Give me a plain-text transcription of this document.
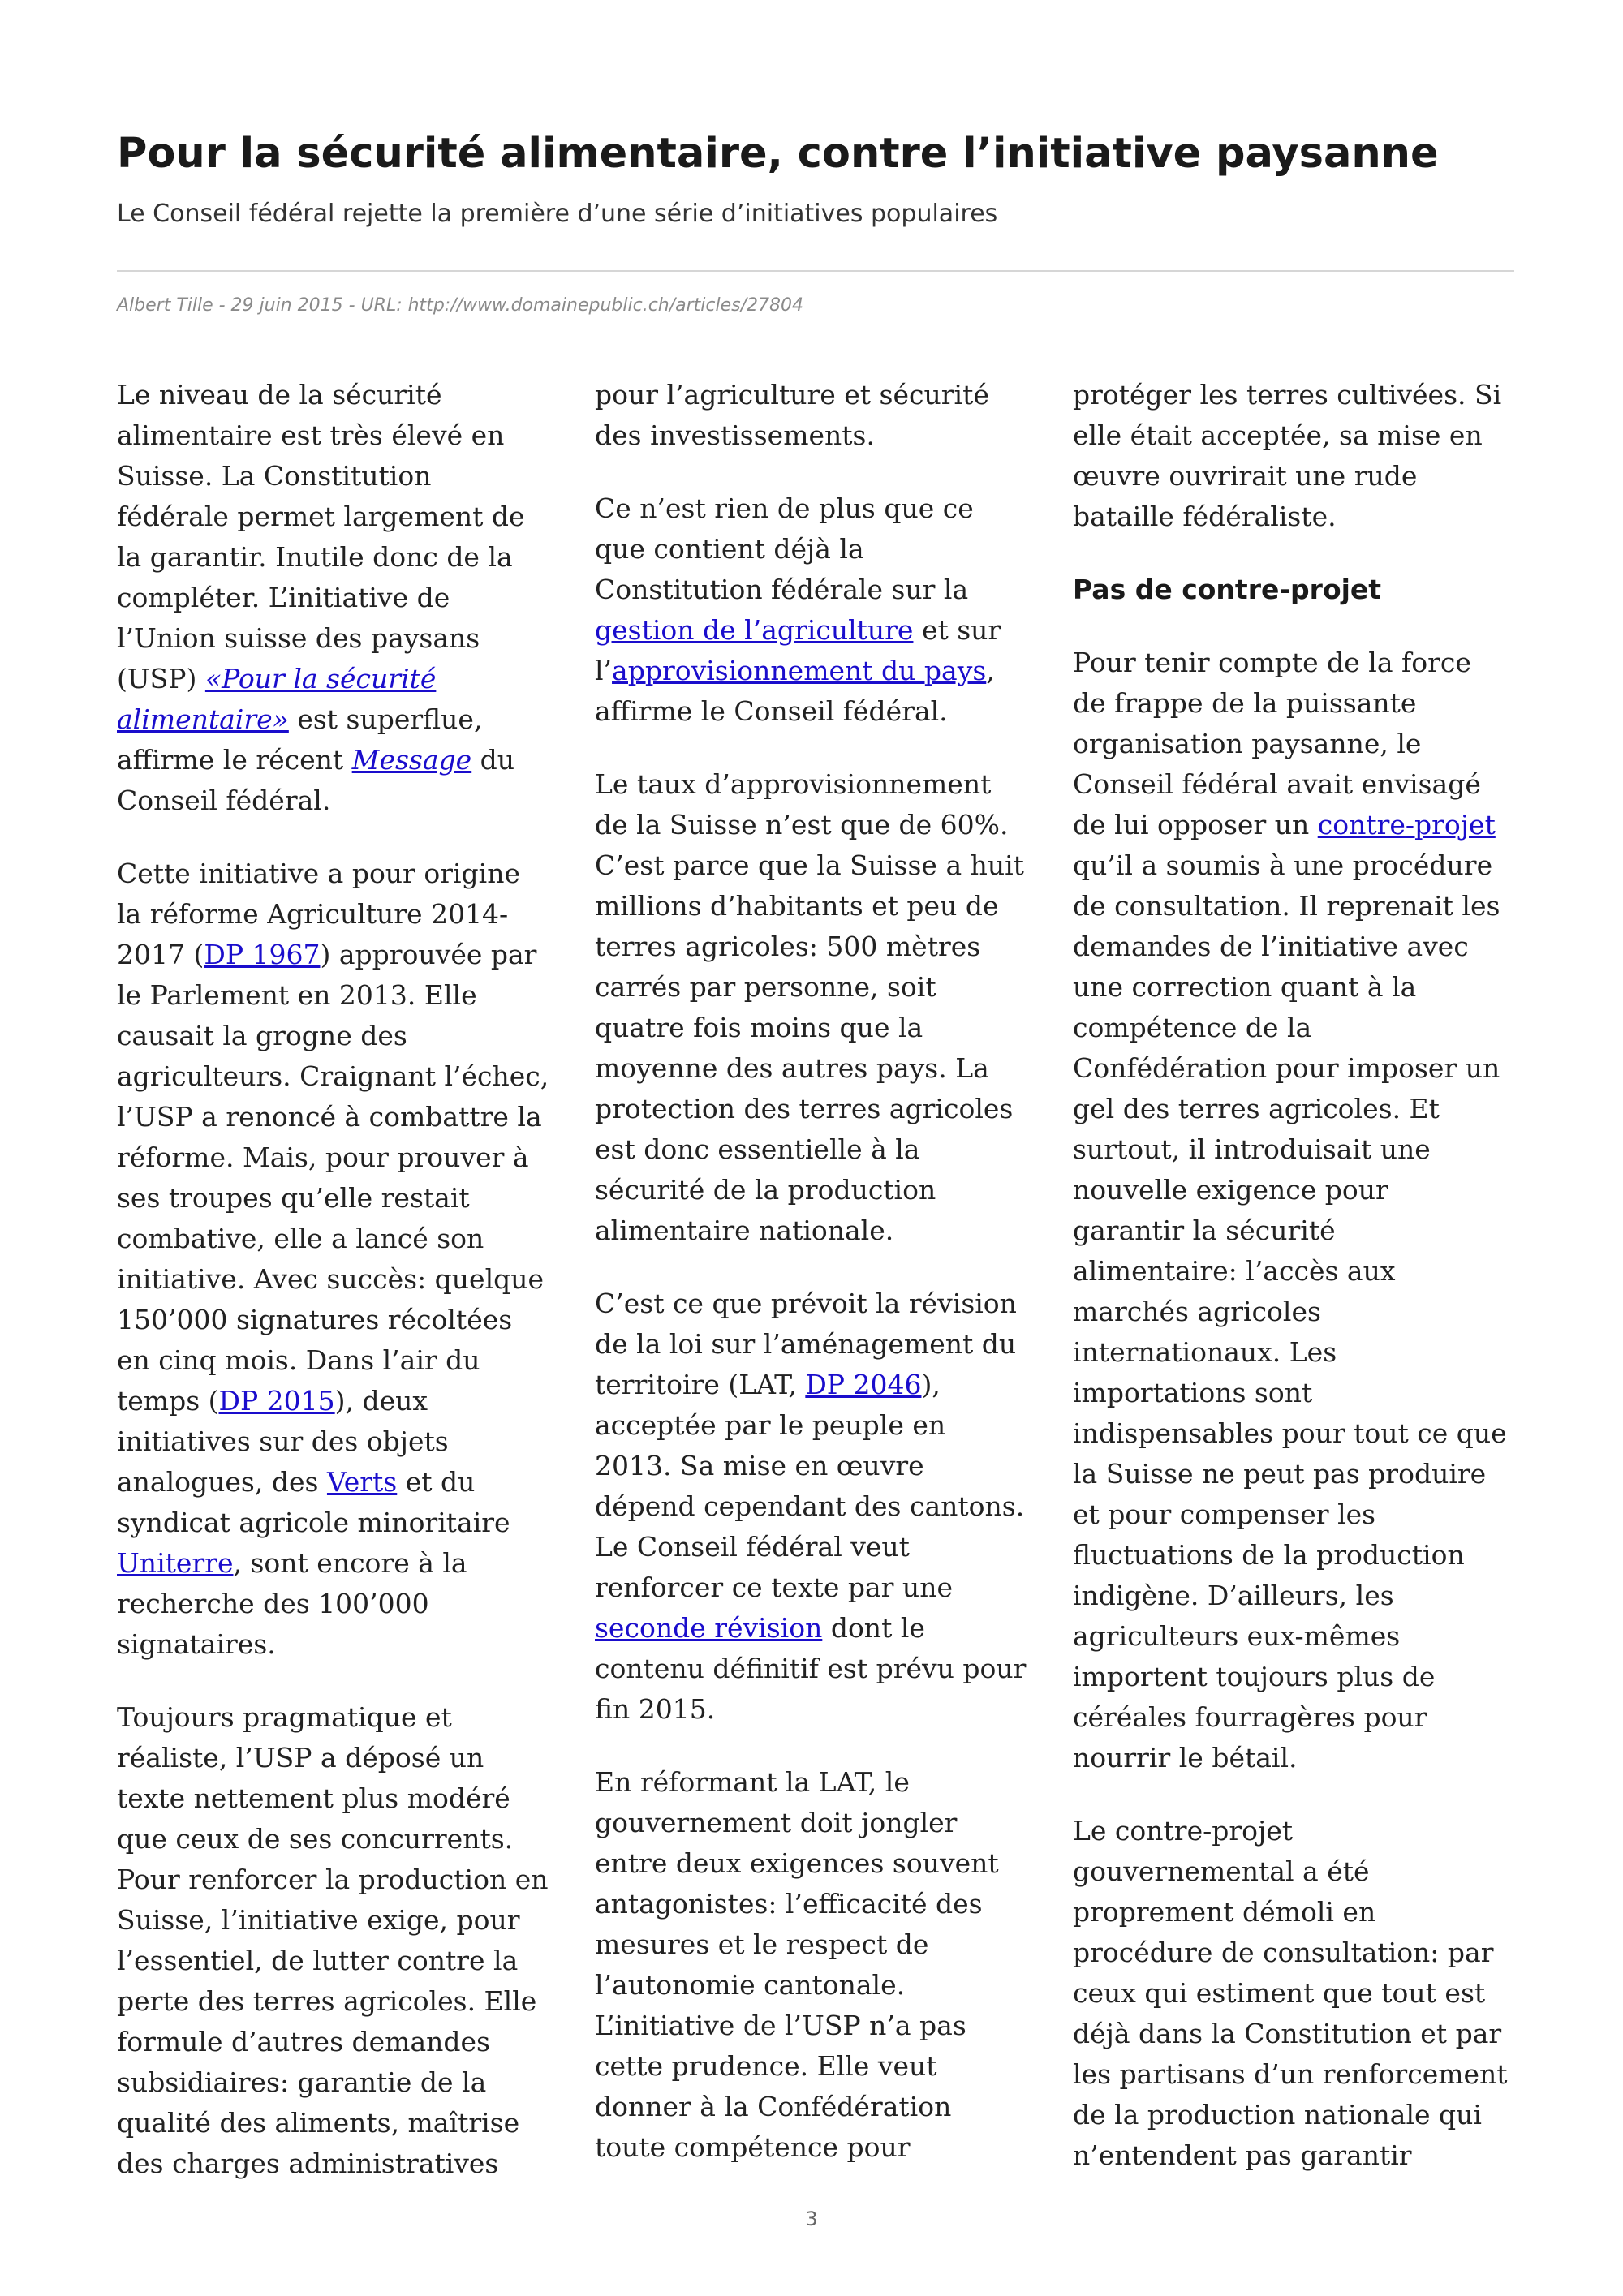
Pour la sécurité alimentaire, contre l’initiative paysanne
Le Conseil fédéral rejette la première d’une série d’initiatives populaires
Albert Tille - 29 juin 2015 - URL: http://www.domainepublic.ch/articles/27804
Le niveau de la sécurité
alimentaire est très élevé en
Suisse. La Constitution
fédérale permet largement de
la garantir. Inutile donc de la
compléter. L’initiative de
l’Union suisse des paysans
(USP) «Pour la sécurité
alimentaire» est superflue,
affirme le récent Message du
Conseil fédéral.
Cette initiative a pour origine
la réforme Agriculture 2014-
2017 (DP 1967) approuvée par
le Parlement en 2013. Elle
causait la grogne des
agriculteurs. Craignant l’échec,
l’USP a renoncé à combattre la
réforme. Mais, pour prouver à
ses troupes qu’elle restait
combative, elle a lancé son
initiative. Avec succès: quelque
150’000 signatures récoltées
en cinq mois. Dans l’air du
temps (DP 2015), deux
initiatives sur des objets
analogues, des Verts et du
syndicat agricole minoritaire
Uniterre, sont encore à la
recherche des 100’000
signataires.
Toujours pragmatique et
réaliste, l’USP a déposé un
texte nettement plus modéré
que ceux de ses concurrents.
Pour renforcer la production en
Suisse, l’initiative exige, pour
l’essentiel, de lutter contre la
perte des terres agricoles. Elle
formule d’autres demandes
subsidiaires: garantie de la
qualité des aliments, maîtrise
des charges administratives
pour l’agriculture et sécurité
des investissements.
Ce n’est rien de plus que ce
que contient déjà la
Constitution fédérale sur la
gestion de l’agriculture et sur
l’approvisionnement du pays,
affirme le Conseil fédéral.
Le taux d’approvisionnement
de la Suisse n’est que de 60%.
C’est parce que la Suisse a huit
millions d’habitants et peu de
terres agricoles: 500 mètres
carrés par personne, soit
quatre fois moins que la
moyenne des autres pays. La
protection des terres agricoles
est donc essentielle à la
sécurité de la production
alimentaire nationale.
C’est ce que prévoit la révision
de la loi sur l’aménagement du
territoire (LAT, DP 2046),
acceptée par le peuple en
2013. Sa mise en œuvre
dépend cependant des cantons.
Le Conseil fédéral veut
renforcer ce texte par une
seconde révision dont le
contenu définitif est prévu pour
fin 2015.
En réformant la LAT, le
gouvernement doit jongler
entre deux exigences souvent
antagonistes: l’efficacité des
mesures et le respect de
l’autonomie cantonale.
L’initiative de l’USP n’a pas
cette prudence. Elle veut
donner à la Confédération
toute compétence pour
protéger les terres cultivées. Si
elle était acceptée, sa mise en
œuvre ouvrirait une rude
bataille fédéraliste.
Pas de contre-projet
Pour tenir compte de la force
de frappe de la puissante
organisation paysanne, le
Conseil fédéral avait envisagé
de lui opposer un contre-projet
qu’il a soumis à une procédure
de consultation. Il reprenait les
demandes de l’initiative avec
une correction quant à la
compétence de la
Confédération pour imposer un
gel des terres agricoles. Et
surtout, il introduisait une
nouvelle exigence pour
garantir la sécurité
alimentaire: l’accès aux
marchés agricoles
internationaux. Les
importations sont
indispensables pour tout ce que
la Suisse ne peut pas produire
et pour compenser les
fluctuations de la production
indigène. D’ailleurs, les
agriculteurs eux-mêmes
importent toujours plus de
céréales fourragères pour
nourrir le bétail.
Le contre-projet
gouvernemental a été
proprement démoli en
procédure de consultation: par
ceux qui estiment que tout est
déjà dans la Constitution et par
les partisans d’un renforcement
de la production nationale qui
n’entendent pas garantir
3
